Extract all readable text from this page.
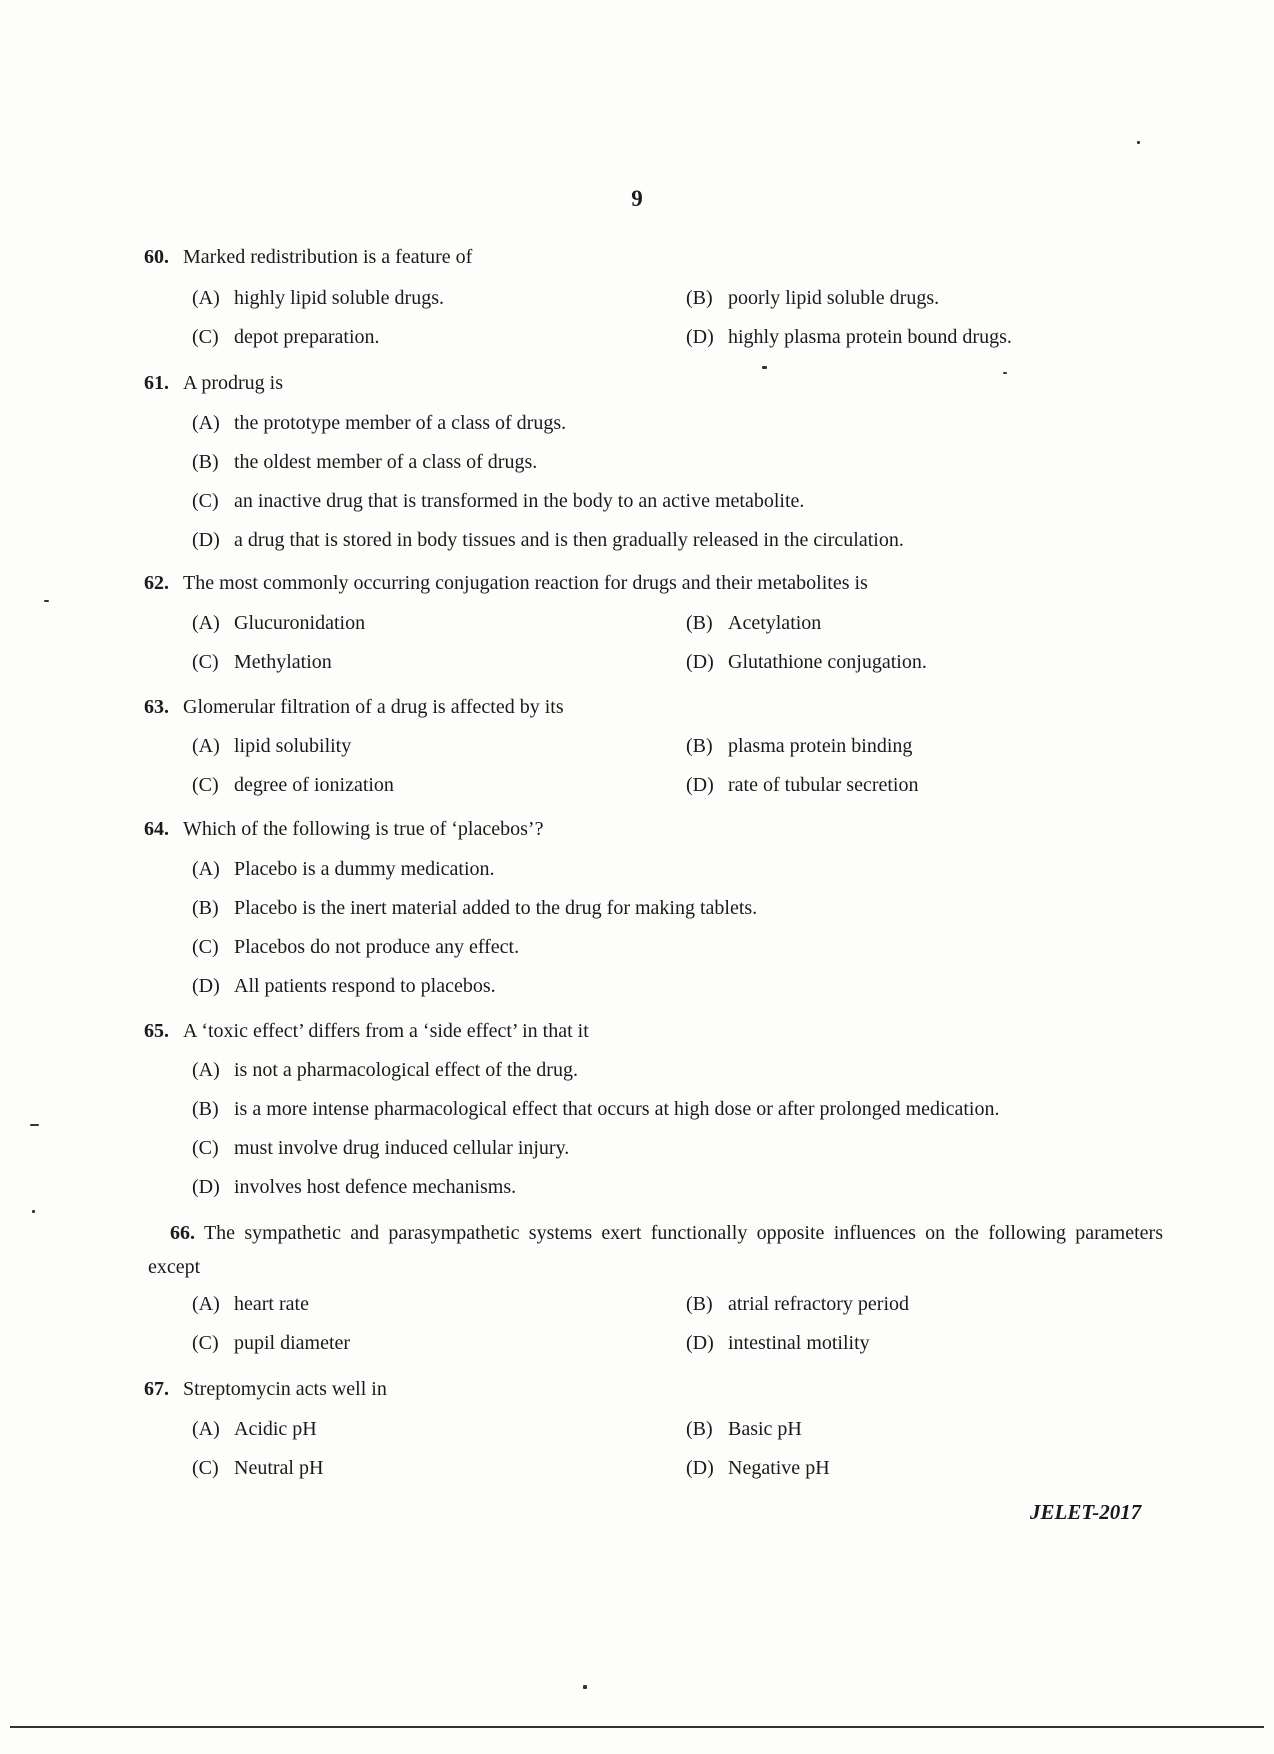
9
60. Marked redistribution is a feature of
(A) highly lipid soluble drugs.	(B) poorly lipid soluble drugs.
(C) depot preparation.	(D) highly plasma protein bound drugs.
61. A prodrug is
(A) the prototype member of a class of drugs.
(B) the oldest member of a class of drugs.
(C) an inactive drug that is transformed in the body to an active metabolite.
(D) a drug that is stored in body tissues and is then gradually released in the circulation.
62. The most commonly occurring conjugation reaction for drugs and their metabolites is
(A) Glucuronidation	(B) Acetylation
(C) Methylation	(D) Glutathione conjugation.
63. Glomerular filtration of a drug is affected by its
(A) lipid solubility	(B) plasma protein binding
(C) degree of ionization	(D) rate of tubular secretion
64. Which of the following is true of ‘placebos’?
(A) Placebo is a dummy medication.
(B) Placebo is the inert material added to the drug for making tablets.
(C) Placebos do not produce any effect.
(D) All patients respond to placebos.
65. A ‘toxic effect’ differs from a ‘side effect’ in that it
(A) is not a pharmacological effect of the drug.
(B) is a more intense pharmacological effect that occurs at high dose or after prolonged medication.
(C) must involve drug induced cellular injury.
(D) involves host defence mechanisms.
66. The sympathetic and parasympathetic systems exert functionally opposite influences on the following parameters except
(A) heart rate	(B) atrial refractory period
(C) pupil diameter	(D) intestinal motility
67. Streptomycin acts well in
(A) Acidic pH	(B) Basic pH
(C) Neutral pH	(D) Negative pH
JELET-2017
